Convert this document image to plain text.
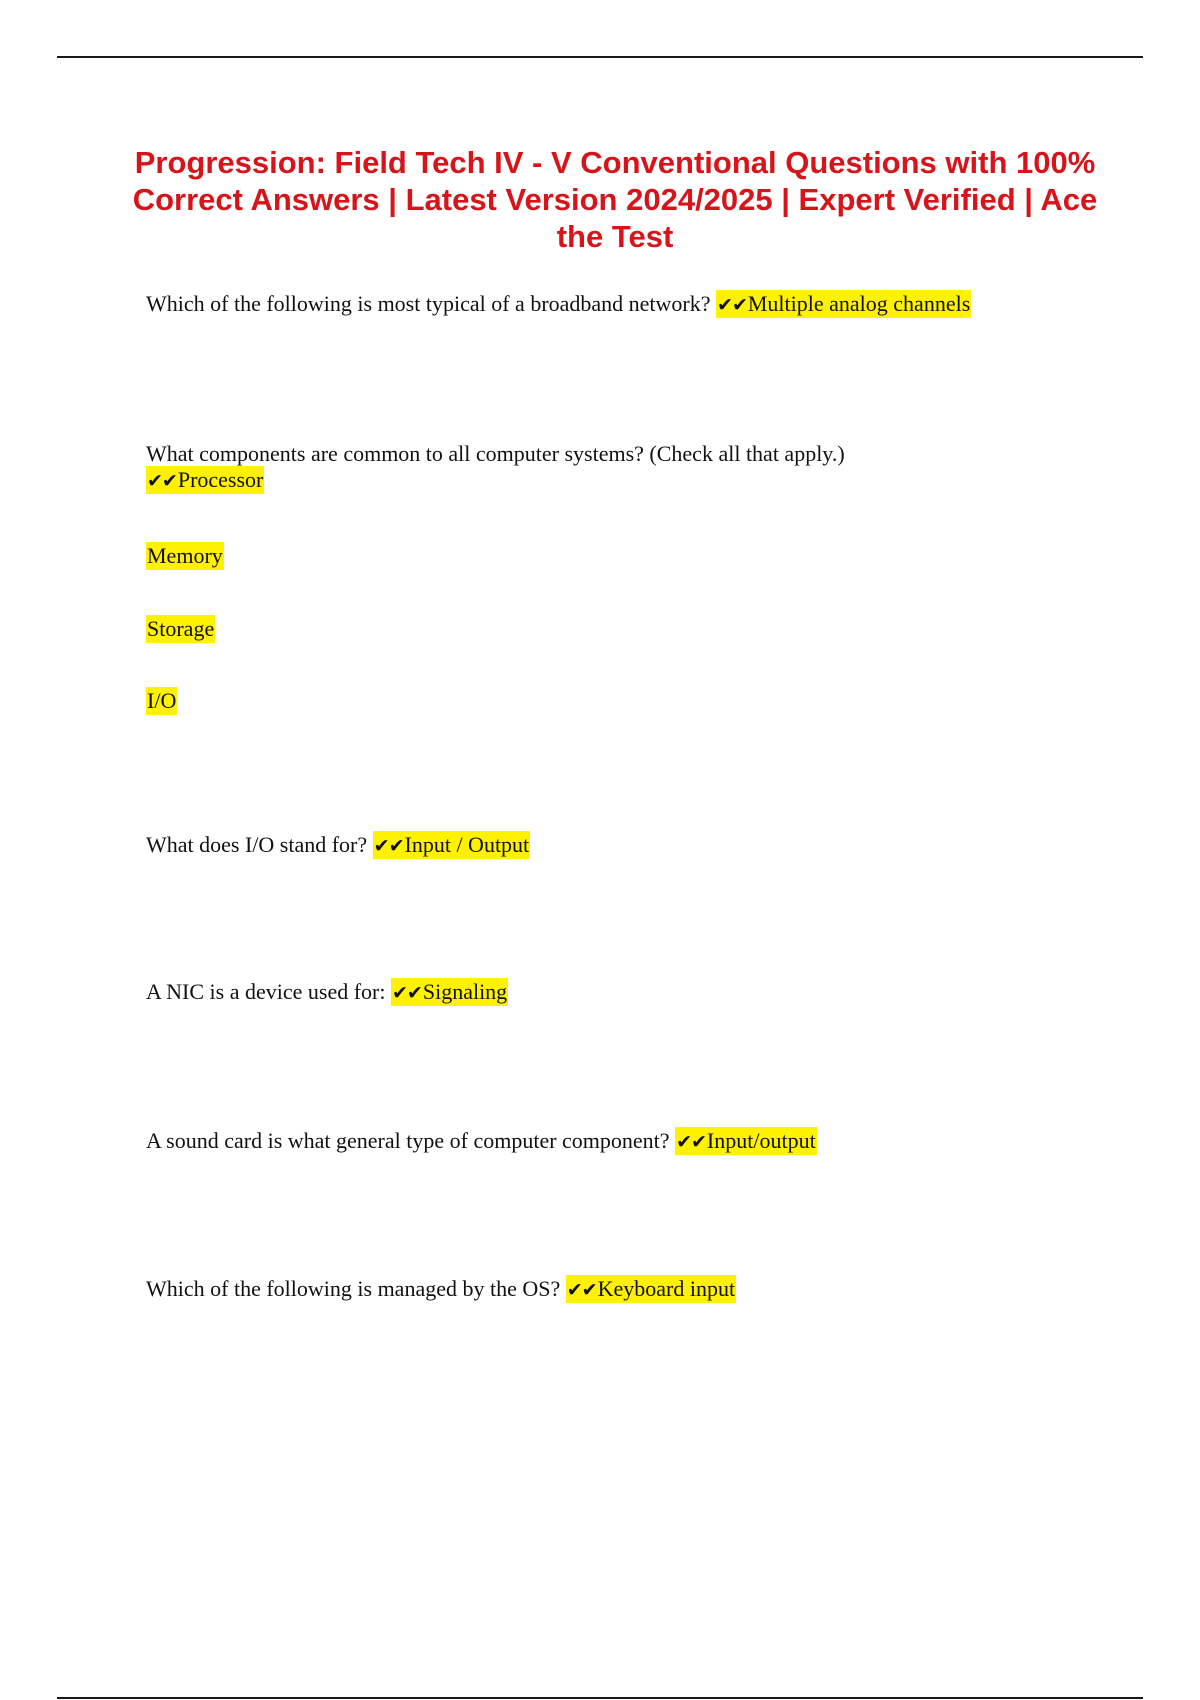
Progression: Field Tech IV - V Conventional Questions with 100% Correct Answers | Latest Version 2024/2025 | Expert Verified | Ace the Test
Which of the following is most typical of a broadband network? ✔✔Multiple analog channels
What components are common to all computer systems? (Check all that apply.)
✔✔Processor
Memory
Storage
I/O
What does I/O stand for? ✔✔Input / Output
A NIC is a device used for: ✔✔Signaling
A sound card is what general type of computer component? ✔✔Input/output
Which of the following is managed by the OS? ✔✔Keyboard input
